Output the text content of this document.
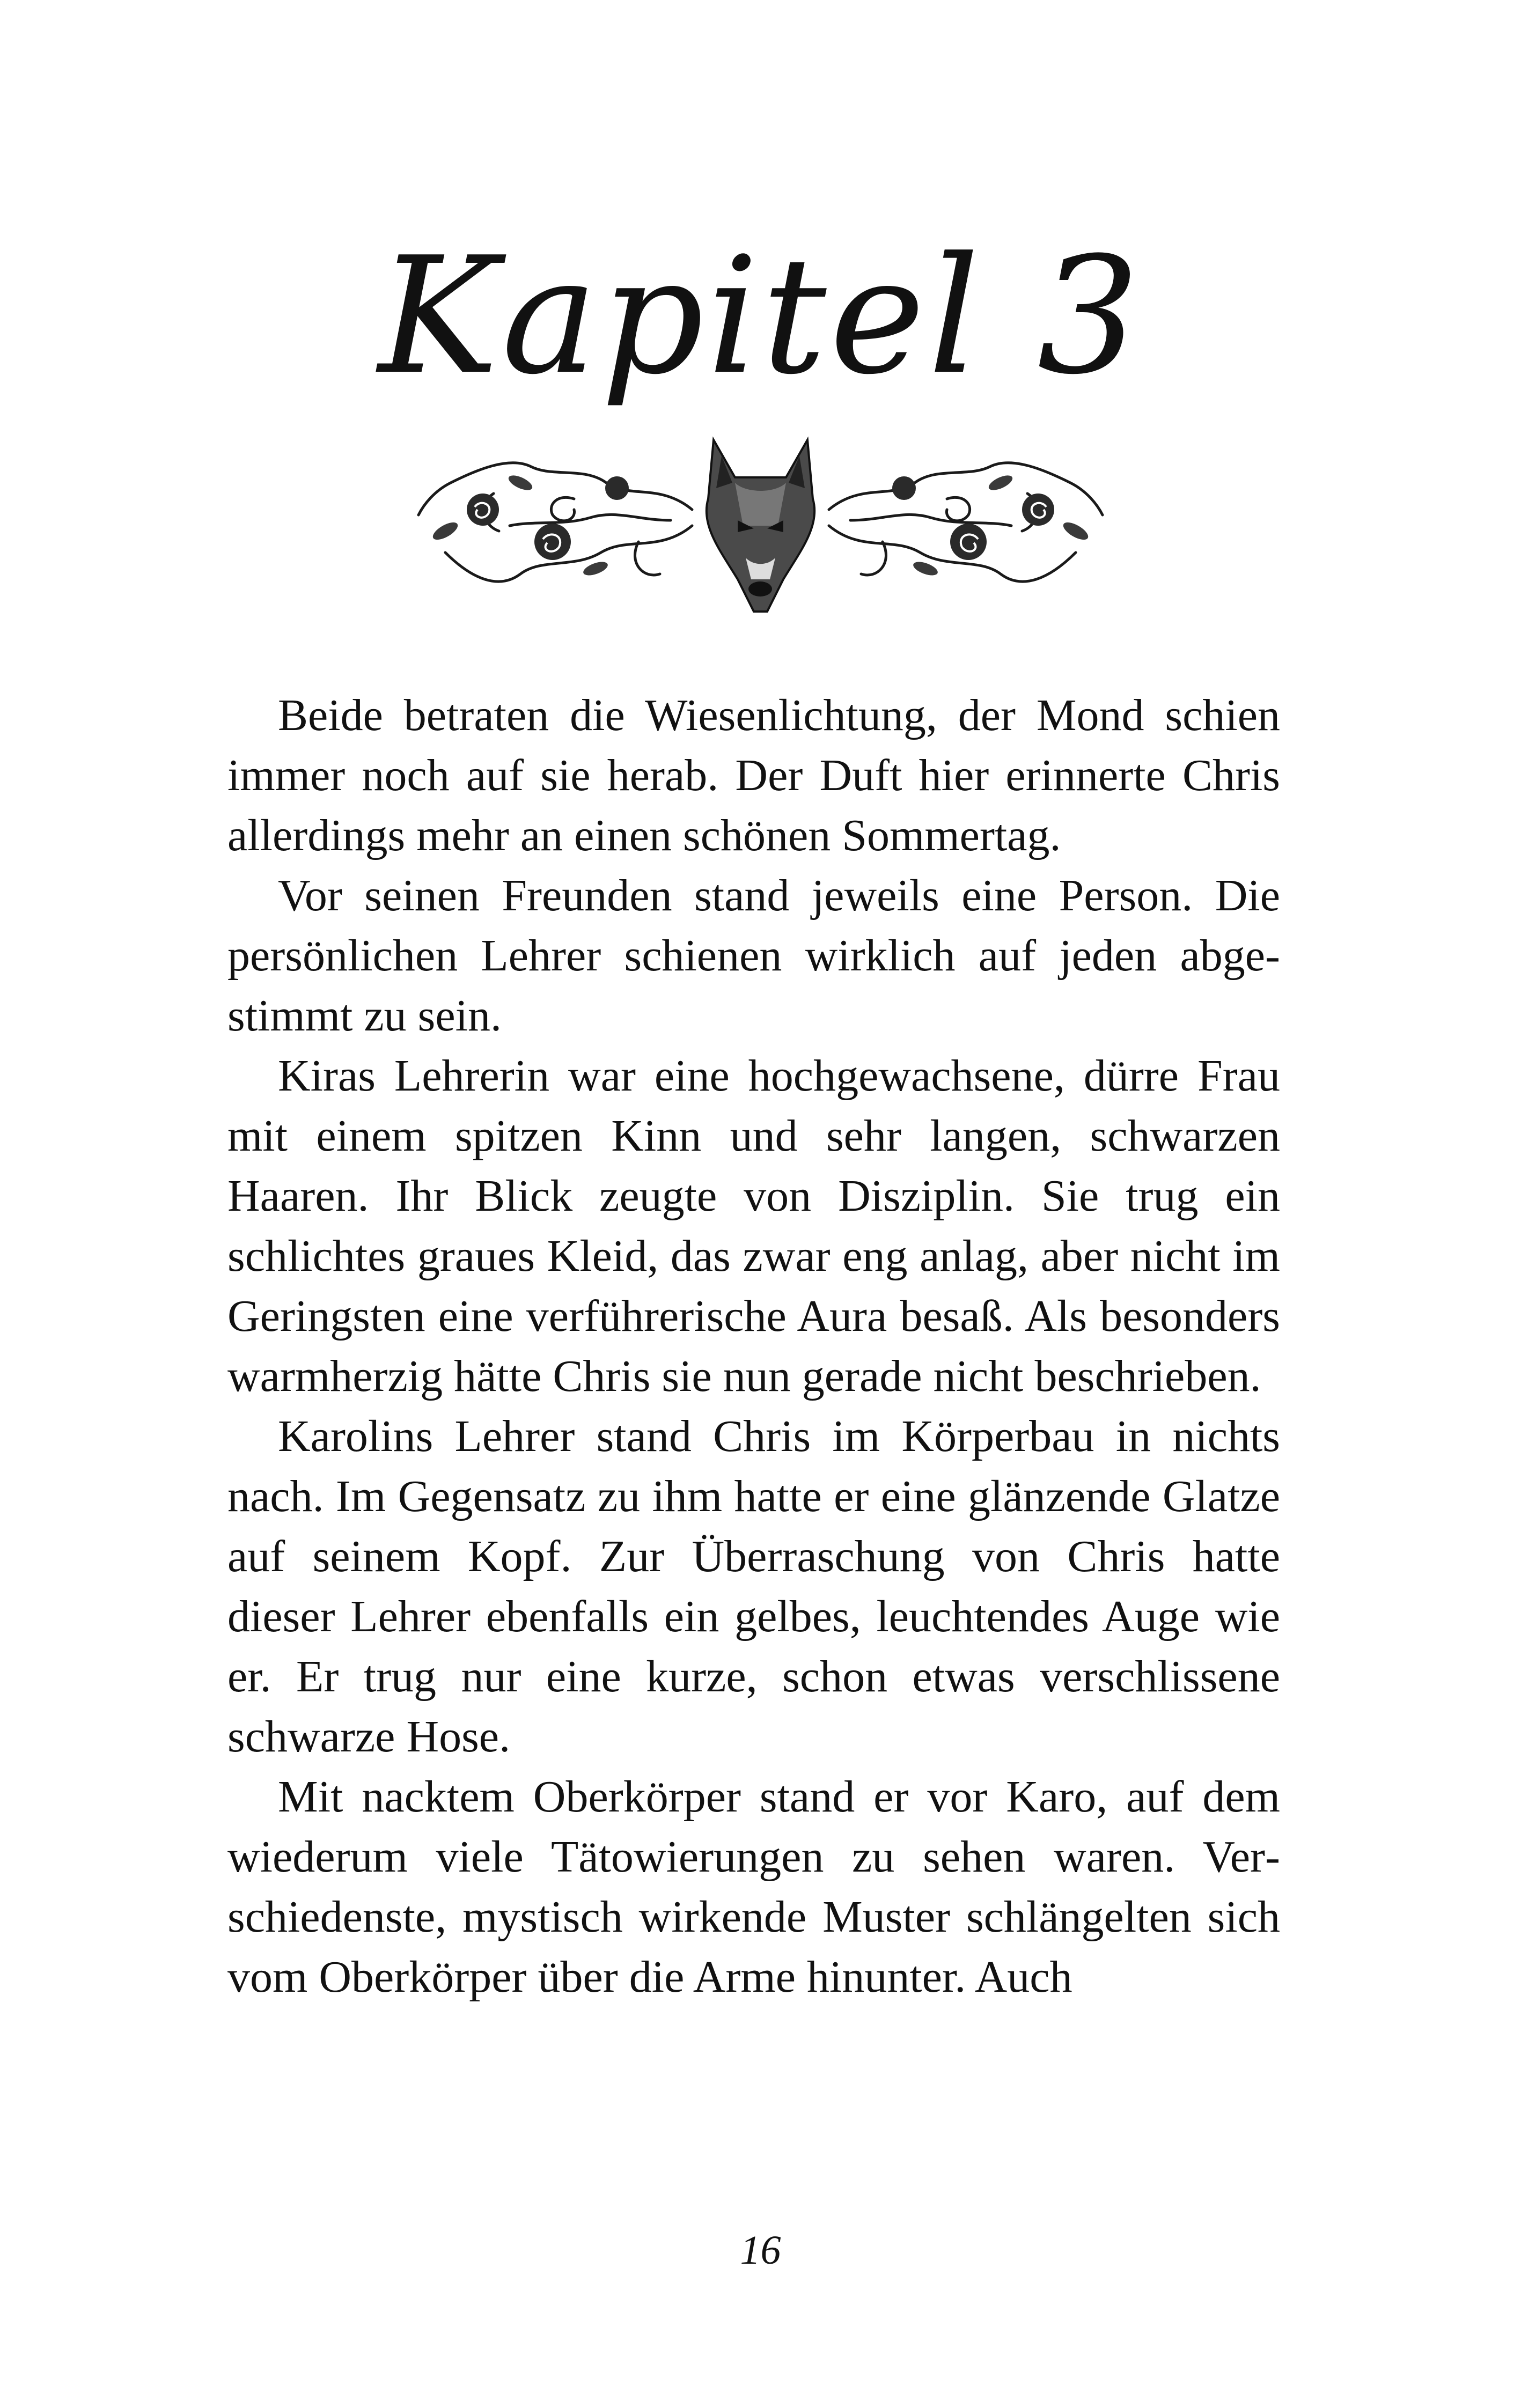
Kapitel 3

Beide betraten die Wiesenlichtung, der Mond schien immer noch auf sie herab. Der Duft hier erinnerte Chris allerdings mehr an einen schönen Sommertag.

Vor seinen Freunden stand jeweils eine Person. Die persönlichen Lehrer schienen wirklich auf jeden abgestimmt zu sein.

Kiras Lehrerin war eine hochgewachsene, dürre Frau mit einem spitzen Kinn und sehr langen, schwarzen Haaren. Ihr Blick zeugte von Disziplin. Sie trug ein schlichtes graues Kleid, das zwar eng anlag, aber nicht im Geringsten eine verführerische Aura besaß. Als besonders warmherzig hätte Chris sie nun gerade nicht beschrieben.

Karolins Lehrer stand Chris im Körperbau in nichts nach. Im Gegensatz zu ihm hatte er eine glänzende Glatze auf seinem Kopf. Zur Überraschung von Chris hatte dieser Lehrer ebenfalls ein gelbes, leuchtendes Auge wie er. Er trug nur eine kurze, schon etwas verschlissene schwarze Hose.

Mit nacktem Oberkörper stand er vor Karo, auf dem wiederum viele Tätowierungen zu sehen waren. Verschiedenste, mystisch wirkende Muster schlängelten sich vom Oberkörper über die Arme hinunter. Auch

16
